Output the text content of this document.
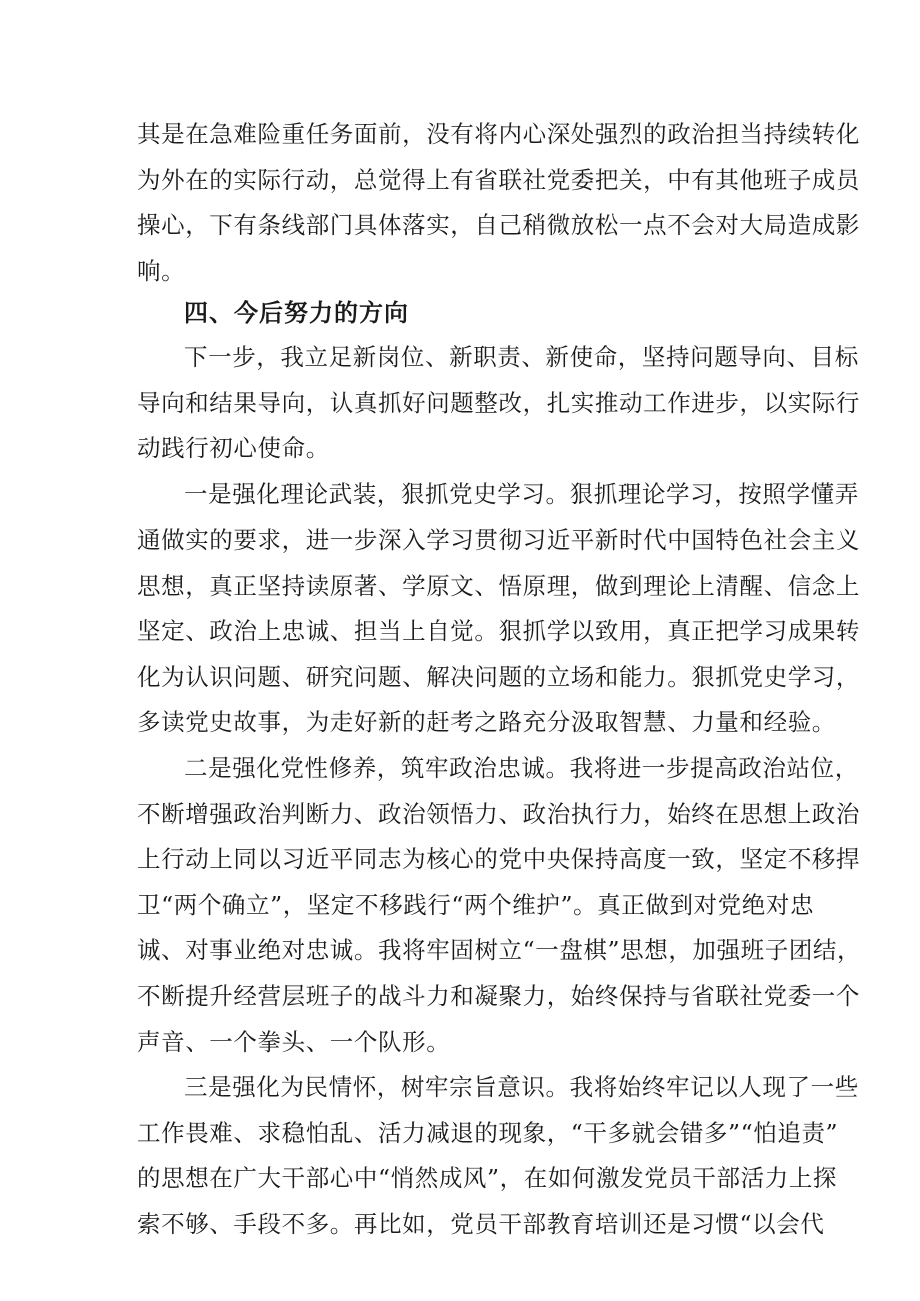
其是在急难险重任务面前，没有将内心深处强烈的政治担当持续转化
为外在的实际行动，总觉得上有省联社党委把关，中有其他班子成员
操心，下有条线部门具体落实，自己稍微放松一点不会对大局造成影
响。
四、今后努力的方向
下一步，我立足新岗位、新职责、新使命，坚持问题导向、目标
导向和结果导向，认真抓好问题整改，扎实推动工作进步，以实际行
动践行初心使命。
一是强化理论武装，狠抓党史学习。狠抓理论学习，按照学懂弄
通做实的要求，进一步深入学习贯彻习近平新时代中国特色社会主义
思想，真正坚持读原著、学原文、悟原理，做到理论上清醒、信念上
坚定、政治上忠诚、担当上自觉。狠抓学以致用，真正把学习成果转
化为认识问题、研究问题、解决问题的立场和能力。狠抓党史学习，
多读党史故事，为走好新的赶考之路充分汲取智慧、力量和经验。
二是强化党性修养，筑牢政治忠诚。我将进一步提高政治站位，
不断增强政治判断力、政治领悟力、政治执行力，始终在思想上政治
上行动上同以习近平同志为核心的党中央保持高度一致，坚定不移捍
卫“两个确立”，坚定不移践行“两个维护”。真正做到对党绝对忠
诚、对事业绝对忠诚。我将牢固树立“一盘棋”思想，加强班子团结，
不断提升经营层班子的战斗力和凝聚力，始终保持与省联社党委一个
声音、一个拳头、一个队形。
三是强化为民情怀，树牢宗旨意识。我将始终牢记以人现了一些
工作畏难、求稳怕乱、活力减退的现象，“干多就会错多”“怕追责”
的思想在广大干部心中“悄然成风”，在如何激发党员干部活力上探
索不够、手段不多。再比如，党员干部教育培训还是习惯“以会代
